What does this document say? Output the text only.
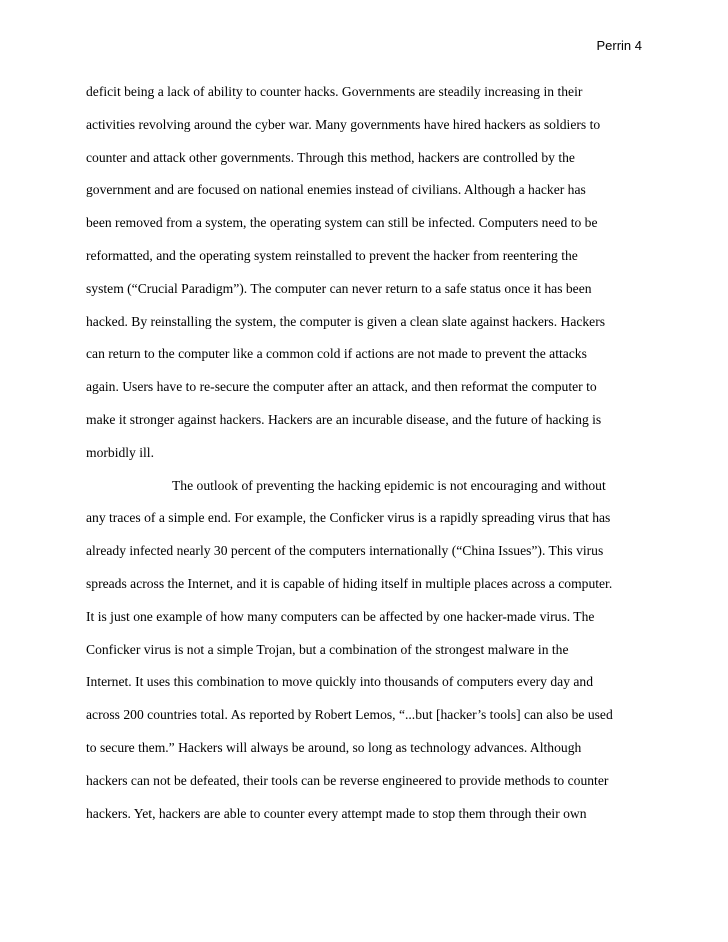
Perrin 4
deficit being a lack of ability to counter hacks. Governments are steadily increasing in their
activities revolving around the cyber war. Many governments have hired hackers as soldiers to
counter and attack other governments. Through this method, hackers are controlled by the
government and are focused on national enemies instead of civilians. Although a hacker has
been removed from a system, the operating system can still be infected. Computers need to be
reformatted, and the operating system reinstalled to prevent the hacker from reentering the
system (“Crucial Paradigm”). The computer can never return to a safe status once it has been
hacked. By reinstalling the system, the computer is given a clean slate against hackers. Hackers
can return to the computer like a common cold if actions are not made to prevent the attacks
again. Users have to re-secure the computer after an attack, and then reformat the computer to
make it stronger against hackers. Hackers are an incurable disease, and the future of hacking is
morbidly ill.
The outlook of preventing the hacking epidemic is not encouraging and without
any traces of a simple end. For example, the Conficker virus is a rapidly spreading virus that has
already infected nearly 30 percent of the computers internationally (“China Issues”). This virus
spreads across the Internet, and it is capable of hiding itself in multiple places across a computer.
It is just one example of how many computers can be affected by one hacker-made virus. The
Conficker virus is not a simple Trojan, but a combination of the strongest malware in the
Internet. It uses this combination to move quickly into thousands of computers every day and
across 200 countries total. As reported by Robert Lemos, “...but [hacker’s tools] can also be used
to secure them.” Hackers will always be around, so long as technology advances. Although
hackers can not be defeated, their tools can be reverse engineered to provide methods to counter
hackers. Yet, hackers are able to counter every attempt made to stop them through their own
